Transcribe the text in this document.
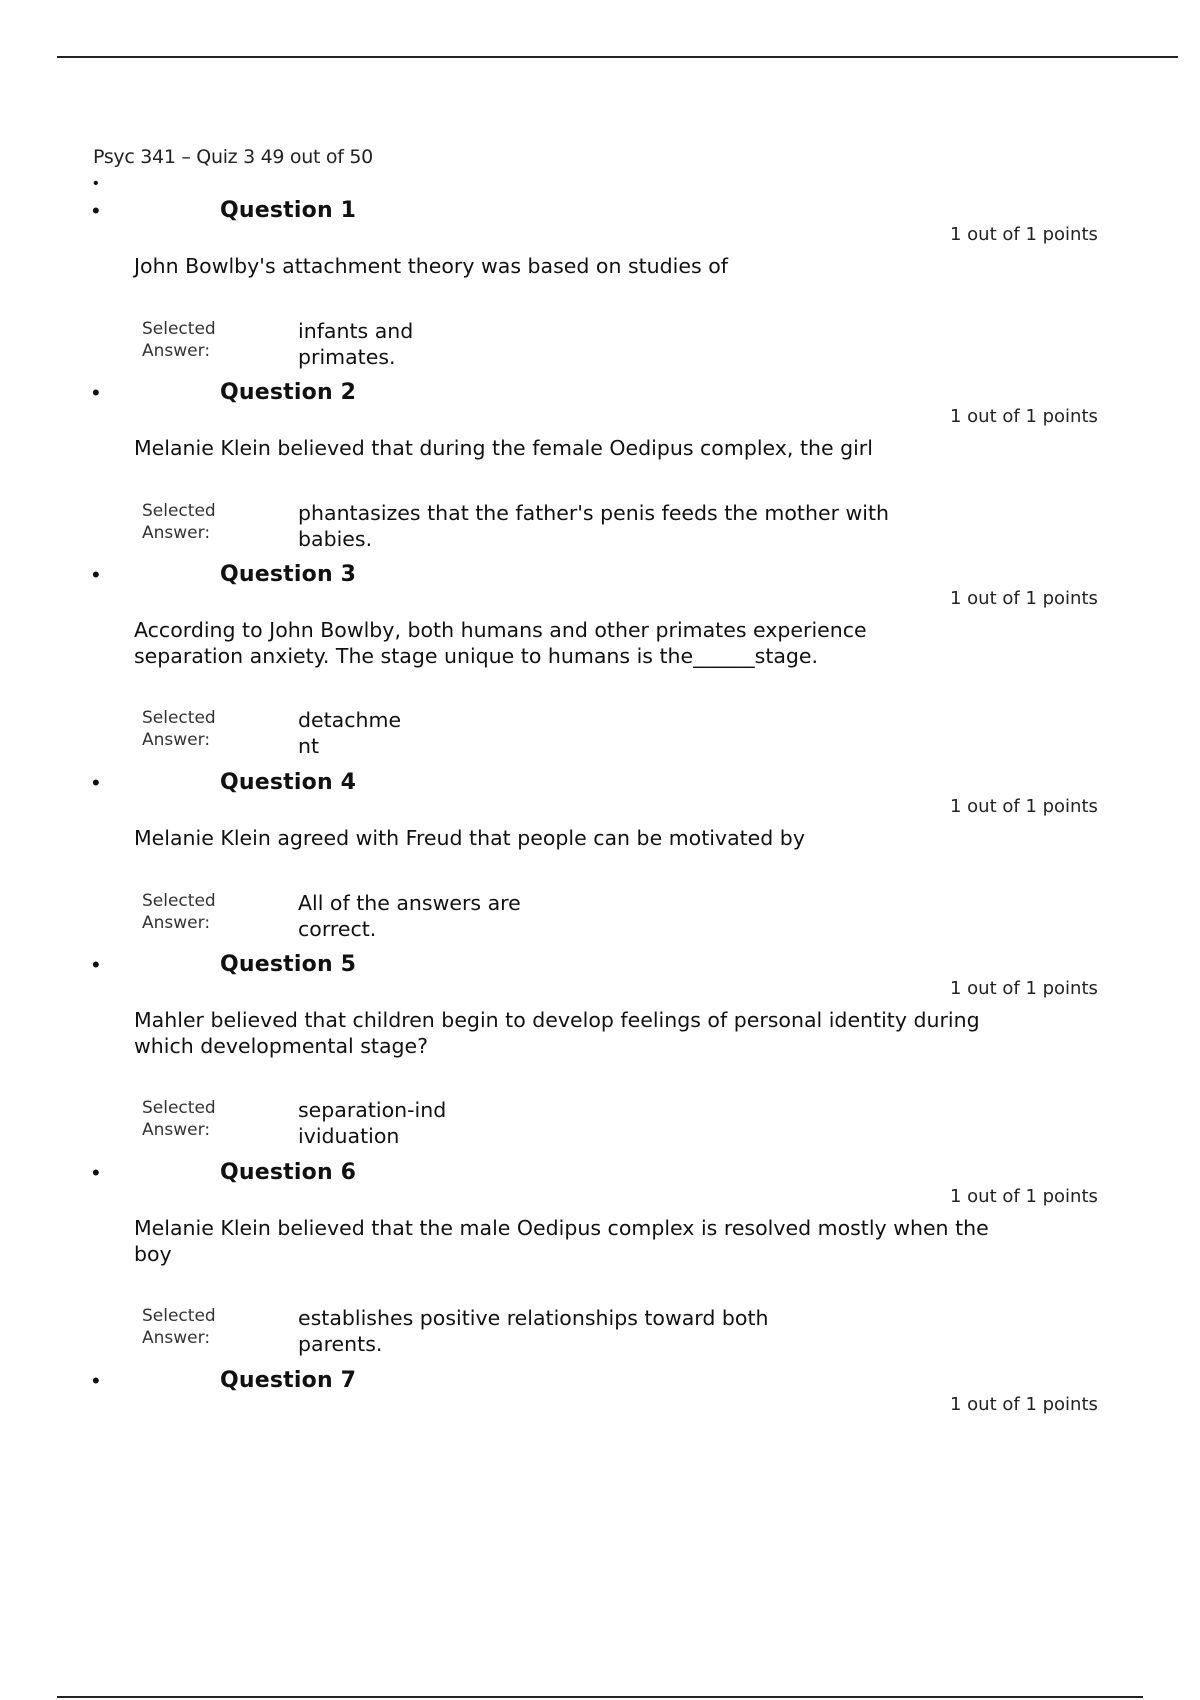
Psyc 341 – Quiz 3 49 out of 50
•
•	Question 1
1 out of 1 points
John Bowlby's attachment theory was based on studies of
Selected Answer:
infants and primates.
•	Question 2
1 out of 1 points
Melanie Klein believed that during the female Oedipus complex, the girl
Selected Answer:
phantasizes that the father's penis feeds the mother with babies.
•	Question 3
1 out of 1 points
According to John Bowlby, both humans and other primates experience separation anxiety. The stage unique to humans is the______stage.
Selected Answer:
detachment
•	Question 4
1 out of 1 points
Melanie Klein agreed with Freud that people can be motivated by
Selected Answer:
All of the answers are correct.
•	Question 5
1 out of 1 points
Mahler believed that children begin to develop feelings of personal identity during which developmental stage?
Selected Answer:
separation-individuation
•	Question 6
1 out of 1 points
Melanie Klein believed that the male Oedipus complex is resolved mostly when the boy
Selected Answer:
establishes positive relationships toward both parents.
•	Question 7
1 out of 1 points
